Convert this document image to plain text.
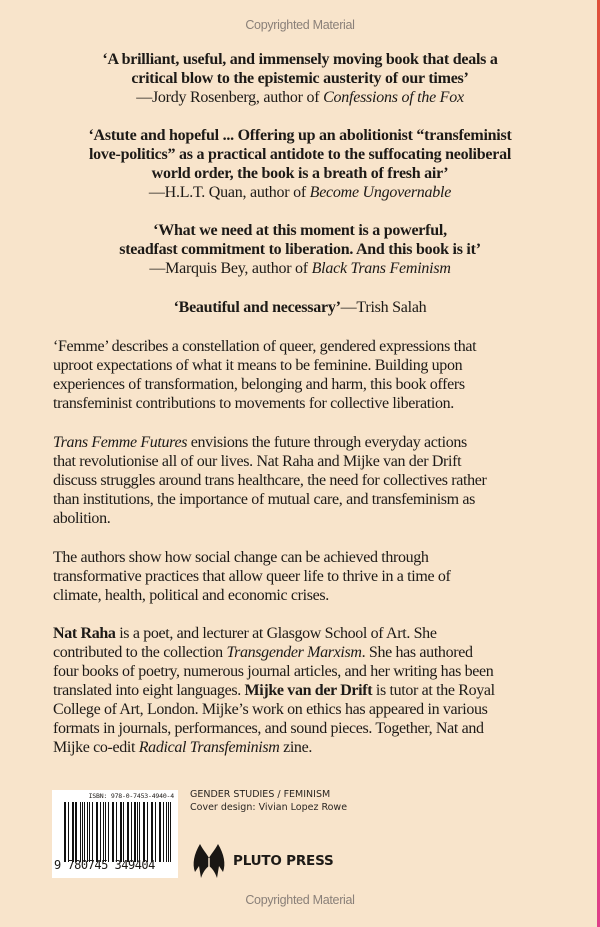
Copyrighted Material
‘A brilliant, useful, and immensely moving book that deals a
critical blow to the epistemic austerity of our times’
—Jordy Rosenberg, author of Confessions of the Fox
‘Astute and hopeful ... Offering up an abolitionist “transfeminist
love-politics” as a practical antidote to the suffocating neoliberal
world order, the book is a breath of fresh air’
—H.L.T. Quan, author of Become Ungovernable
‘What we need at this moment is a powerful,
steadfast commitment to liberation. And this book is it’
—Marquis Bey, author of Black Trans Feminism
‘Beautiful and necessary’—Trish Salah
‘Femme’ describes a constellation of queer, gendered expressions that
uproot expectations of what it means to be feminine. Building upon
experiences of transformation, belonging and harm, this book offers
transfeminist contributions to movements for collective liberation.
Trans Femme Futures envisions the future through everyday actions
that revolutionise all of our lives. Nat Raha and Mijke van der Drift
discuss struggles around trans healthcare, the need for collectives rather
than institutions, the importance of mutual care, and transfeminism as
abolition.
The authors show how social change can be achieved through
transformative practices that allow queer life to thrive in a time of
climate, health, political and economic crises.
Nat Raha is a poet, and lecturer at Glasgow School of Art. She
contributed to the collection Transgender Marxism. She has authored
four books of poetry, numerous journal articles, and her writing has been
translated into eight languages. Mijke van der Drift is tutor at the Royal
College of Art, London. Mijke’s work on ethics has appeared in various
formats in journals, performances, and sound pieces. Together, Nat and
Mijke co-edit Radical Transfeminism zine.
ISBN: 978-0-7453-4940-4
9 780745 349404
GENDER STUDIES / FEMINISM
Cover design: Vivian Lopez Rowe
PLUTO PRESS
Copyrighted Material
